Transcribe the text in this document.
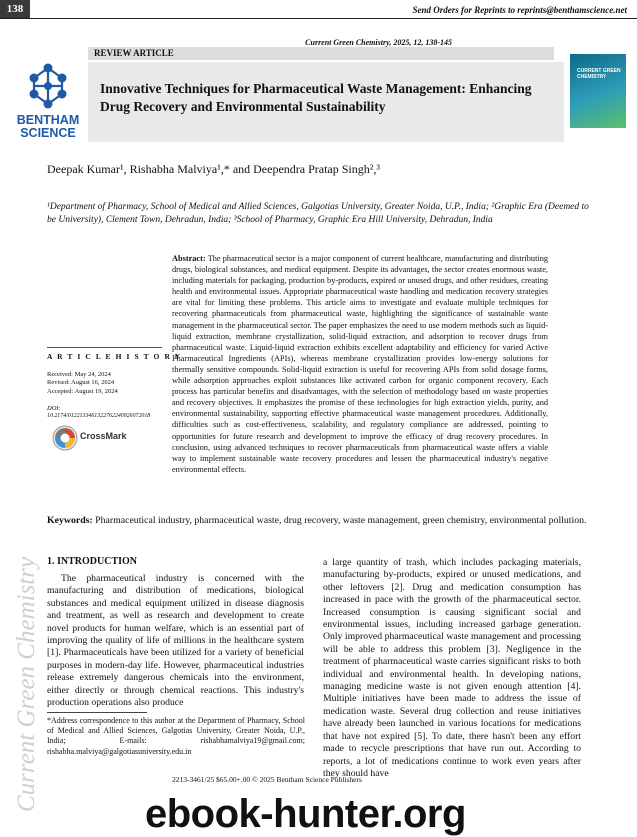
138	Send Orders for Reprints to reprints@benthamscience.net
Current Green Chemistry, 2025, 12, 138-145
BENTHAM
SCIENCE
REVIEW ARTICLE
Innovative Techniques for Pharmaceutical Waste Management: Enhancing Drug Recovery and Environmental Sustainability
CURRENT GREEN CHEMISTRY
Deepak Kumar¹, Rishabha Malviya¹,* and Deependra Pratap Singh²,³
¹Department of Pharmacy, School of Medical and Allied Sciences, Galgotias University, Greater Noida, U.P., India; ²Graphic Era (Deemed to be University), Clement Town, Dehradun, India; ³School of Pharmacy, Graphic Era Hill University, Dehradun, India
Abstract: The pharmaceutical sector is a major component of current healthcare, manufacturing and distributing drugs, biological substances, and medical equipment. Despite its advantages, the sector creates enormous waste, including materials for packaging, production by-products, expired or unused drugs, and other residues, creating health and environmental issues. Appropriate pharmaceutical waste handling and medication recovery strategies are vital for limiting these problems. This article aims to investigate and evaluate multiple techniques for recovering pharmaceuticals from pharmaceutical waste, highlighting the significance of sustainable waste management in the pharmaceutical sector. The paper emphasizes the need to use modern methods such as liquid-liquid extraction, membrane crystallization, solid-liquid extraction, and adsorption to recover drugs from pharmaceutical waste. Liquid-liquid extraction exhibits excellent adaptability and efficiency for varied Active Pharmaceutical Ingredients (APIs), whereas membrane crystallization provides low-energy solutions for thermally sensitive compounds. Solid-liquid extraction is useful for recovering APIs from solid dosage forms, while adsorption approaches exploit substances like activated carbon for organic component recovery. Each process has particular benefits and disadvantages, with the selection of methodology based on waste properties and recovery objectives. It emphasizes the promise of these technologies for high extraction yields, purity, and environmental sustainability, supporting effective pharmaceutical waste management procedures. Additionally, difficulties such as cost-effectiveness, scalability, and regulatory compliance are addressed, pointing to opportunities for future research and development to improve the efficacy of drug recovery procedures. In conclusion, using advanced techniques to recover pharmaceuticals from pharmaceutical waste offers a viable way to implement sustainable waste recovery procedures and lessen the pharmaceutical industry's negative environmental effects.
A R T I C L E H I S T O R Y
Received: May 24, 2024
Revised: August 16, 2024
Accepted: August 19, 2024
DOI:
10.2174/0122133461322762240926072018
CrossMark
Keywords: Pharmaceutical industry, pharmaceutical waste, drug recovery, waste management, green chemistry, environmental pollution.
Current Green Chemistry 1. INTRODUCTION
The pharmaceutical industry is concerned with the manufacturing and distribution of medications, biological substances and medical equipment utilized in disease diagnosis and treatment, as well as research and development to create novel products for human welfare, which is an essential part of improving the quality of life of millions in the healthcare system [1]. Pharmaceuticals have been utilized for a variety of beneficial purposes in modern-day life. However, pharmaceutical industries release extremely dangerous chemicals into the environment, either directly or through chemical reactions. This industry's production operations also produce
a large quantity of trash, which includes packaging materials, manufacturing by-products, expired or unused medications, and other leftovers [2]. Drug and medication consumption has increased in pace with the growth of the pharmaceutical sector. Increased consumption is causing significant social and environmental issues, including increased garbage generation. Only improved pharmaceutical waste management and processing will be able to address this problem [3]. Negligence in the treatment of pharmaceutical waste carries significant risks to both individual and environmental health. In developing nations, managing medicine waste is not given enough attention [4]. Multiple initiatives have been made to address the issue of medication waste. Several drug collection and reuse initiatives have already been launched in various locations for medications that have not expired [5]. To date, there hasn't been any effort made to recycle prescriptions that have run out. According to reports, a lot of medications continue to work even years after they should have
*Address correspondence to this author at the Department of Pharmacy, School of Medical and Allied Sciences, Galgotias University, Greater Noida, U.P., India; E-mails: rishabhamalviya19@gmail.com; rishabha.malviya@galgotiasuniversity.edu.in
2213-3461/25 $65.00+.00 © 2025 Bentham Science Publishers
ebook-hunter.org
